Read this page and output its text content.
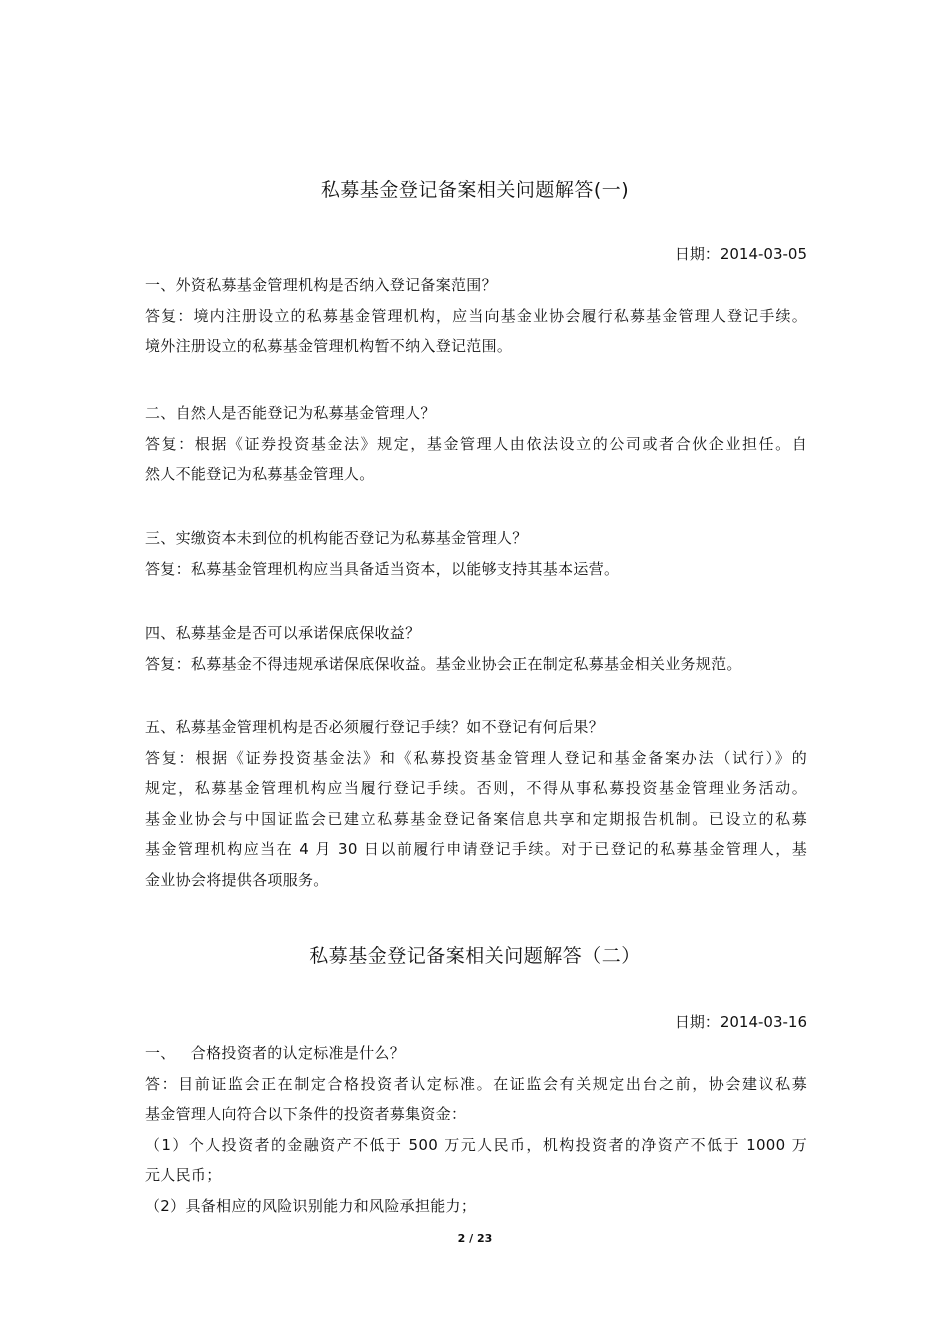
私募基金登记备案相关问题解答(一)
日期：2014-03-05
一、外资私募基金管理机构是否纳入登记备案范围？
答复：境内注册设立的私募基金管理机构，应当向基金业协会履行私募基金管理人登记手续。
境外注册设立的私募基金管理机构暂不纳入登记范围。
二、自然人是否能登记为私募基金管理人？
答复：根据《证券投资基金法》规定，基金管理人由依法设立的公司或者合伙企业担任。自
然人不能登记为私募基金管理人。
三、实缴资本未到位的机构能否登记为私募基金管理人？
答复：私募基金管理机构应当具备适当资本，以能够支持其基本运营。
四、私募基金是否可以承诺保底保收益？
答复：私募基金不得违规承诺保底保收益。基金业协会正在制定私募基金相关业务规范。
五、私募基金管理机构是否必须履行登记手续？如不登记有何后果？
答复：根据《证券投资基金法》和《私募投资基金管理人登记和基金备案办法（试行）》的
规定，私募基金管理机构应当履行登记手续。否则，不得从事私募投资基金管理业务活动。
基金业协会与中国证监会已建立私募基金登记备案信息共享和定期报告机制。已设立的私募
基金管理机构应当在 4 月 30 日以前履行申请登记手续。对于已登记的私募基金管理人，基
金业协会将提供各项服务。
私募基金登记备案相关问题解答（二）
日期：2014-03-16
一、   合格投资者的认定标准是什么？
答：目前证监会正在制定合格投资者认定标准。在证监会有关规定出台之前，协会建议私募
基金管理人向符合以下条件的投资者募集资金：
（1）个人投资者的金融资产不低于 500 万元人民币，机构投资者的净资产不低于 1000 万
元人民币；
（2）具备相应的风险识别能力和风险承担能力；
2 / 23
